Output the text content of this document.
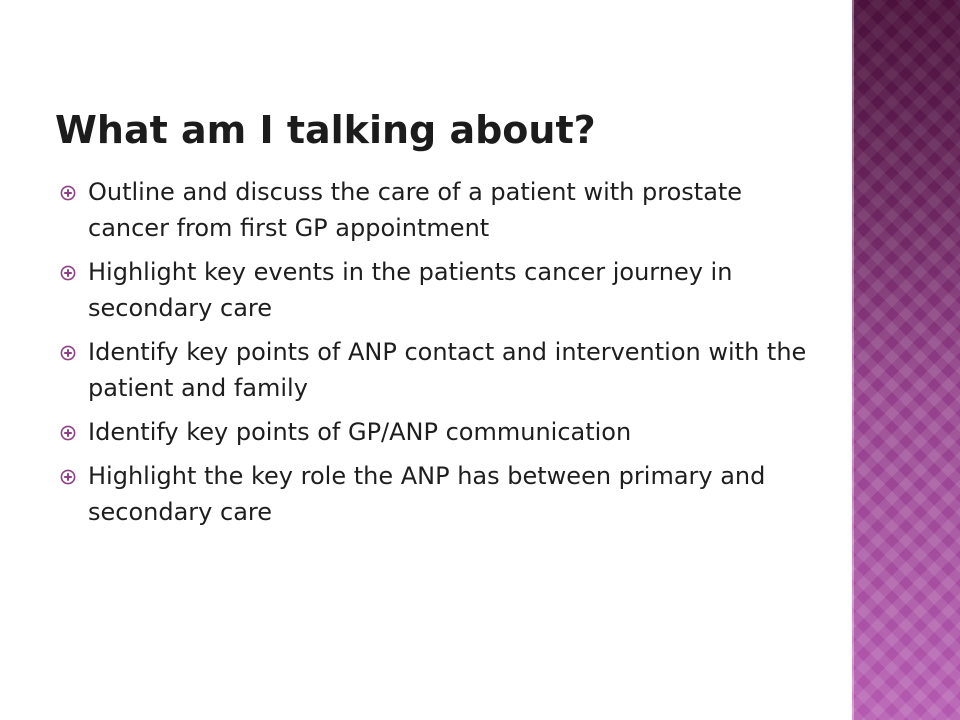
What am I talking about?
Outline and discuss the care of a patient with prostate cancer from first GP appointment
Highlight key events in the patients cancer journey in secondary care
Identify key points of ANP contact and intervention with the patient and family
Identify key points of GP/ANP communication
Highlight the key role the ANP has between primary and secondary care
